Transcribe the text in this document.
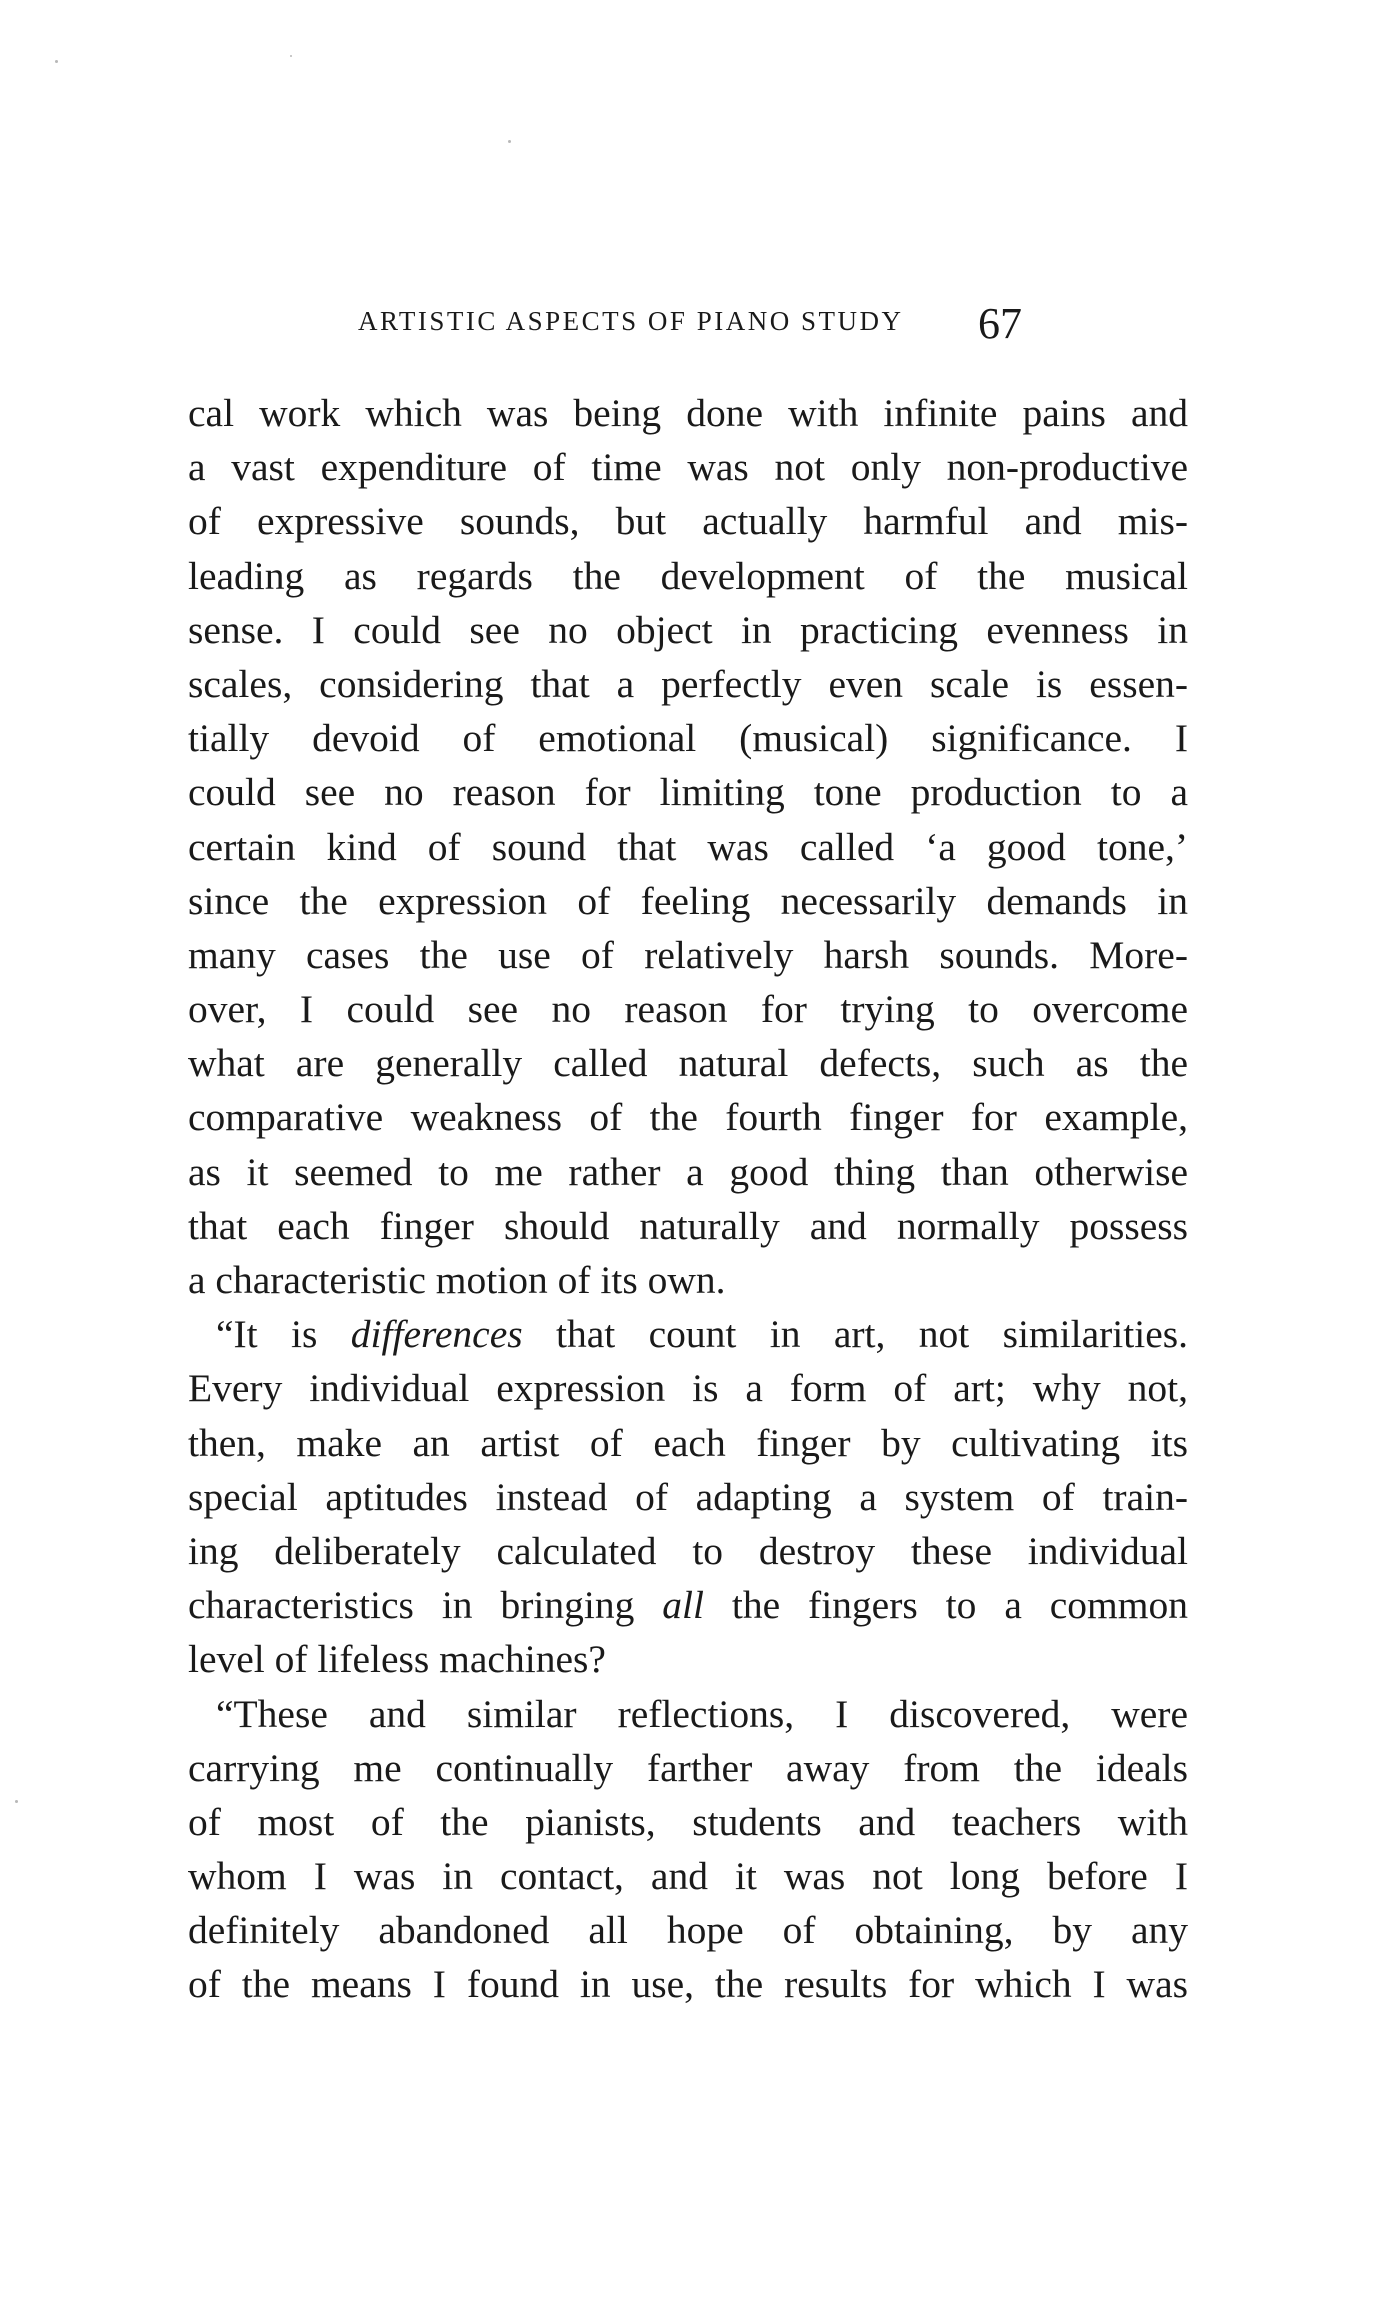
ARTISTIC ASPECTS OF PIANO STUDY 67
cal work which was being done with infinite pains and
a vast expenditure of time was not only non-productive
of expressive sounds, but actually harmful and mis-
leading as regards the development of the musical
sense. I could see no object in practicing evenness in
scales, considering that a perfectly even scale is essen-
tially devoid of emotional (musical) significance. I
could see no reason for limiting tone production to a
certain kind of sound that was called ‘a good tone,’
since the expression of feeling necessarily demands in
many cases the use of relatively harsh sounds. More-
over, I could see no reason for trying to overcome
what are generally called natural defects, such as the
comparative weakness of the fourth finger for example,
as it seemed to me rather a good thing than otherwise
that each finger should naturally and normally possess
a characteristic motion of its own.
“It is differences that count in art, not similarities.
Every individual expression is a form of art; why not,
then, make an artist of each finger by cultivating its
special aptitudes instead of adapting a system of train-
ing deliberately calculated to destroy these individual
characteristics in bringing all the fingers to a common
level of lifeless machines?
“These and similar reflections, I discovered, were
carrying me continually farther away from the ideals
of most of the pianists, students and teachers with
whom I was in contact, and it was not long before I
definitely abandoned all hope of obtaining, by any
of the means I found in use, the results for which I was
